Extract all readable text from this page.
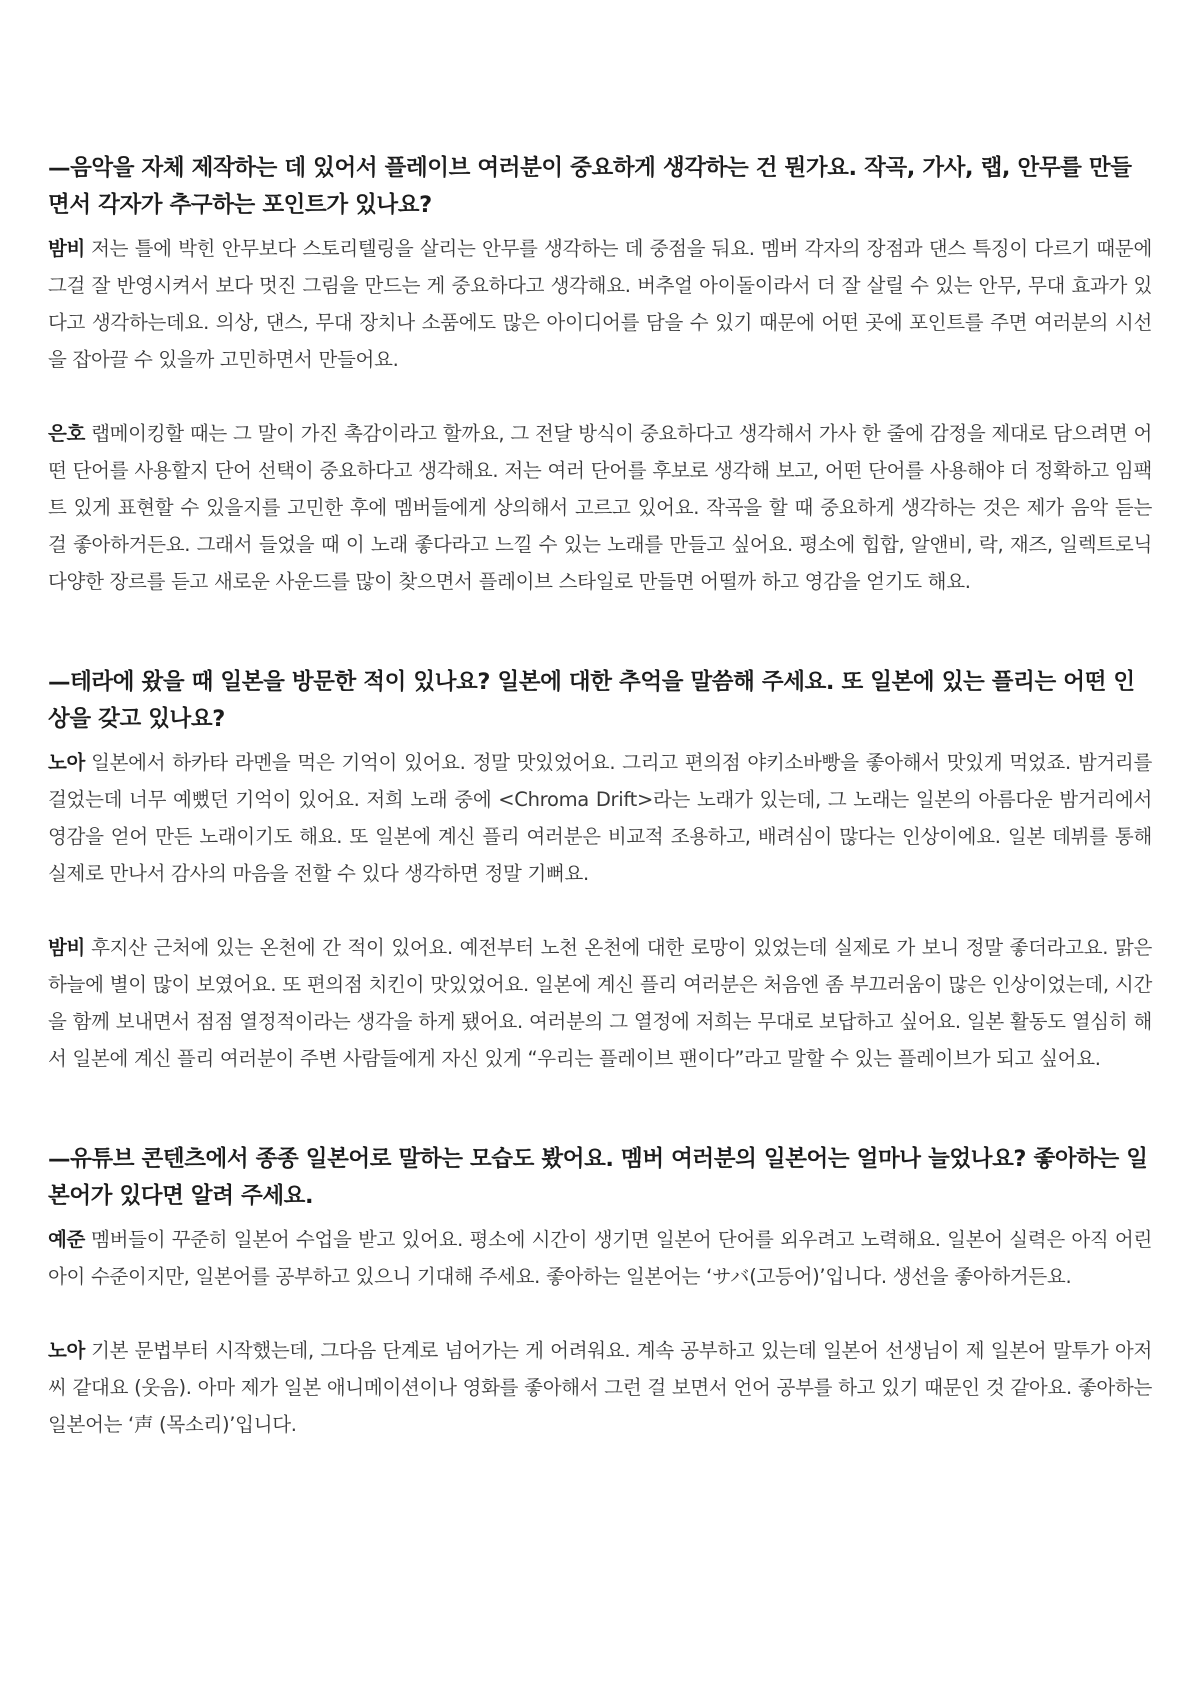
—음악을 자체 제작하는 데 있어서 플레이브 여러분이 중요하게 생각하는 건 뭔가요. 작곡, 가사, 랩, 안무를 만들면서 각자가 추구하는 포인트가 있나요?

밤비 저는 틀에 박힌 안무보다 스토리텔링을 살리는 안무를 생각하는 데 중점을 둬요. 멤버 각자의 장점과 댄스 특징이 다르기 때문에 그걸 잘 반영시켜서 보다 멋진 그림을 만드는 게 중요하다고 생각해요. 버추얼 아이돌이라서 더 잘 살릴 수 있는 안무, 무대 효과가 있다고 생각하는데요. 의상, 댄스, 무대 장치나 소품에도 많은 아이디어를 담을 수 있기 때문에 어떤 곳에 포인트를 주면 여러분의 시선을 잡아끌 수 있을까 고민하면서 만들어요.

은호 랩메이킹할 때는 그 말이 가진 촉감이라고 할까요, 그 전달 방식이 중요하다고 생각해서 가사 한 줄에 감정을 제대로 담으려면 어떤 단어를 사용할지 단어 선택이 중요하다고 생각해요. 저는 여러 단어를 후보로 생각해 보고, 어떤 단어를 사용해야 더 정확하고 임팩트 있게 표현할 수 있을지를 고민한 후에 멤버들에게 상의해서 고르고 있어요. 작곡을 할 때 중요하게 생각하는 것은 제가 음악 듣는 걸 좋아하거든요. 그래서 들었을 때 이 노래 좋다라고 느낄 수 있는 노래를 만들고 싶어요. 평소에 힙합, 알앤비, 락, 재즈, 일렉트로닉 다양한 장르를 듣고 새로운 사운드를 많이 찾으면서 플레이브 스타일로 만들면 어떨까 하고 영감을 얻기도 해요.

—테라에 왔을 때 일본을 방문한 적이 있나요? 일본에 대한 추억을 말씀해 주세요. 또 일본에 있는 플리는 어떤 인상을 갖고 있나요?

노아 일본에서 하카타 라멘을 먹은 기억이 있어요. 정말 맛있었어요. 그리고 편의점 야키소바빵을 좋아해서 맛있게 먹었죠. 밤거리를 걸었는데 너무 예뻤던 기억이 있어요. 저희 노래 중에 <Chroma Drift>라는 노래가 있는데, 그 노래는 일본의 아름다운 밤거리에서 영감을 얻어 만든 노래이기도 해요. 또 일본에 계신 플리 여러분은 비교적 조용하고, 배려심이 많다는 인상이에요. 일본 데뷔를 통해 실제로 만나서 감사의 마음을 전할 수 있다 생각하면 정말 기뻐요.

밤비 후지산 근처에 있는 온천에 간 적이 있어요. 예전부터 노천 온천에 대한 로망이 있었는데 실제로 가 보니 정말 좋더라고요. 맑은 하늘에 별이 많이 보였어요. 또 편의점 치킨이 맛있었어요. 일본에 계신 플리 여러분은 처음엔 좀 부끄러움이 많은 인상이었는데, 시간을 함께 보내면서 점점 열정적이라는 생각을 하게 됐어요. 여러분의 그 열정에 저희는 무대로 보답하고 싶어요. 일본 활동도 열심히 해서 일본에 계신 플리 여러분이 주변 사람들에게 자신 있게 “우리는 플레이브 팬이다”라고 말할 수 있는 플레이브가 되고 싶어요.

—유튜브 콘텐츠에서 종종 일본어로 말하는 모습도 봤어요. 멤버 여러분의 일본어는 얼마나 늘었나요? 좋아하는 일본어가 있다면 알려 주세요.

예준 멤버들이 꾸준히 일본어 수업을 받고 있어요. 평소에 시간이 생기면 일본어 단어를 외우려고 노력해요. 일본어 실력은 아직 어린아이 수준이지만, 일본어를 공부하고 있으니 기대해 주세요. 좋아하는 일본어는 ‘サバ(고등어)’입니다. 생선을 좋아하거든요.

노아 기본 문법부터 시작했는데, 그다음 단계로 넘어가는 게 어려워요. 계속 공부하고 있는데 일본어 선생님이 제 일본어 말투가 아저씨 같대요 (웃음). 아마 제가 일본 애니메이션이나 영화를 좋아해서 그런 걸 보면서 언어 공부를 하고 있기 때문인 것 같아요. 좋아하는 일본어는 ‘声 (목소리)’입니다.
